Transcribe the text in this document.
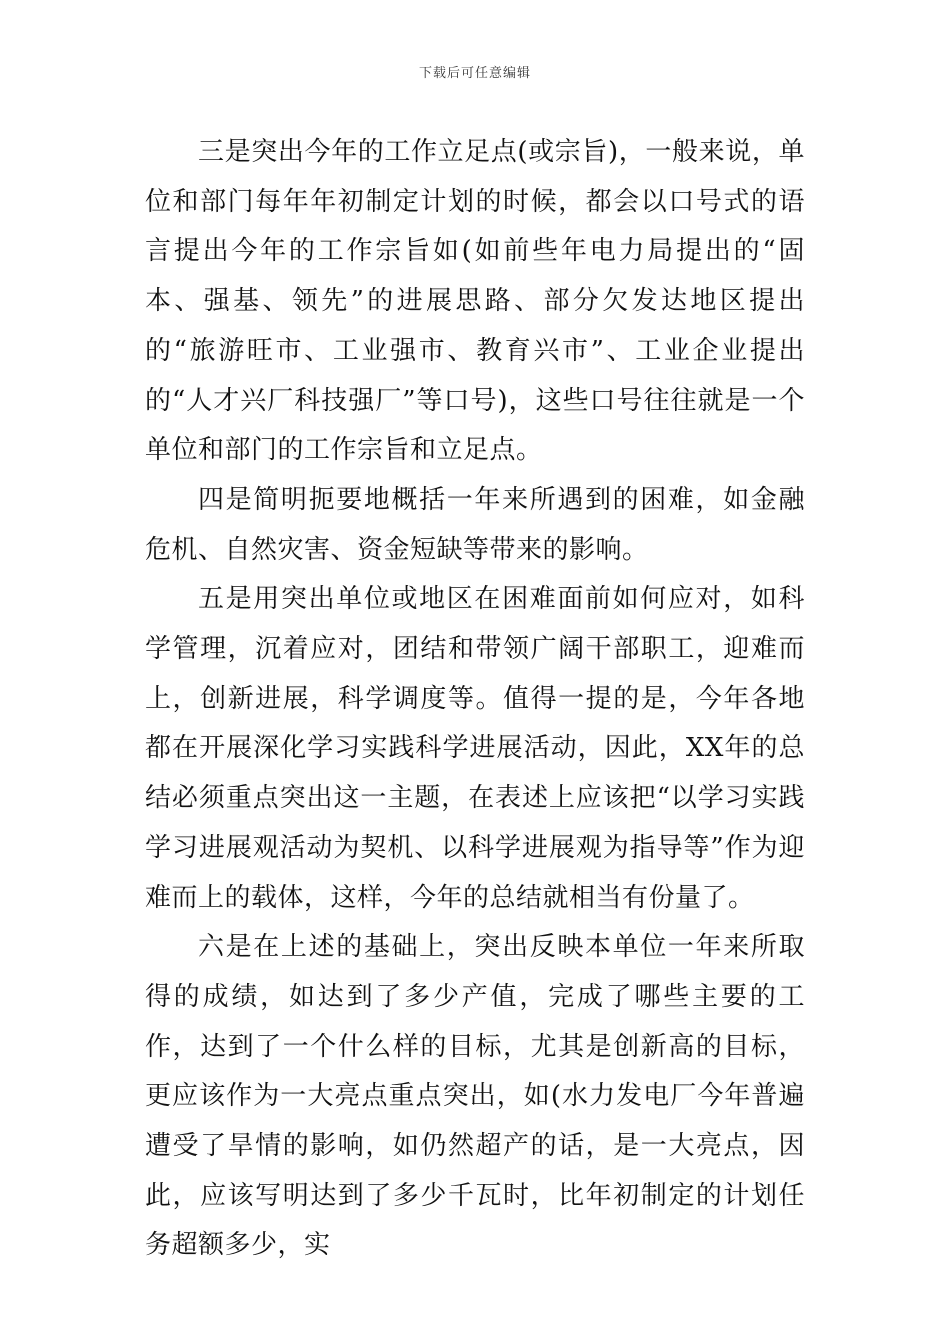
下载后可任意编辑

三是突出今年的工作立足点(或宗旨)，一般来说，单位和部门每年年初制定计划的时候，都会以口号式的语言提出今年的工作宗旨如(如前些年电力局提出的“固本、强基、领先”的进展思路、部分欠发达地区提出的“旅游旺市、工业强市、教育兴市”、工业企业提出的“人才兴厂科技强厂”等口号)，这些口号往往就是一个单位和部门的工作宗旨和立足点。

四是简明扼要地概括一年来所遇到的困难，如金融危机、自然灾害、资金短缺等带来的影响。

五是用突出单位或地区在困难面前如何应对，如科学管理，沉着应对，团结和带领广阔干部职工，迎难而上，创新进展，科学调度等。值得一提的是，今年各地都在开展深化学习实践科学进展活动，因此，XX年的总结必须重点突出这一主题，在表述上应该把“以学习实践学习进展观活动为契机、以科学进展观为指导等”作为迎难而上的载体，这样，今年的总结就相当有份量了。

六是在上述的基础上，突出反映本单位一年来所取得的成绩，如达到了多少产值，完成了哪些主要的工作，达到了一个什么样的目标，尤其是创新高的目标，更应该作为一大亮点重点突出，如(水力发电厂今年普遍遭受了旱情的影响，如仍然超产的话，是一大亮点，因此，应该写明达到了多少千瓦时，比年初制定的计划任务超额多少，实
